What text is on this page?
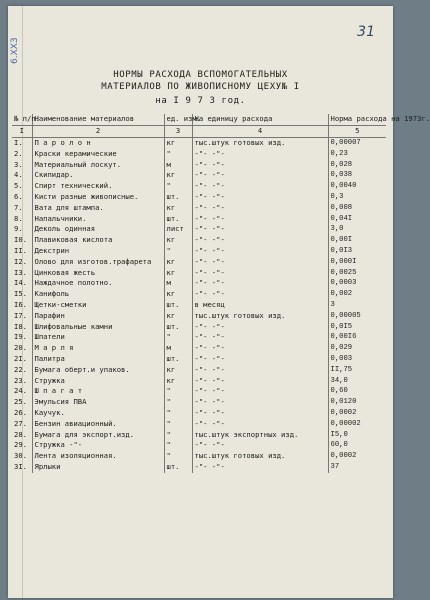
31
6.XX3
НОРМЫ РАСХОДА ВСПОМОГАТЕЛЬНЫХ
МАТЕРИАЛОВ ПО ЖИВОПИСНОМУ ЦЕХУ№ I
на I 9 7 3 год.
№ п/п:	Наименование материалов	ед. изм.	На единицу расхода	Норма расхода на 1973г.
I	2	3	4	5
I.	П а р о л о н	кг	тыс.штук готовых изд.	0,00007
2.	Краски керамические	"	-"- -"-	0,23
3.	Материальный лоскут.	м	-"- -"-	0,028
4.	Скипидар.	кг	-"- -"-	0,038
5.	Спирт технический.	"	-"- -"-	0,0040
6.	Кисти разные живописные.	шт.	-"- -"-	0,3
7.	Вата для штампа.	кг	-"- -"-	0,008
8.	Напальчники.	шт.	-"- -"-	0,04I
9.	Деколь одинная	лист	-"- -"-	3,0
I0.	Плавиковая кислота	кг	-"- -"-	0,00I
II.	Декстрин	"	-"- -"-	0,0I3
I2.	Олово для изготов.трафарета	кг	-"- -"-	0,000I
I3.	Цинковая жесть	кг	-"- -"-	0,0025
I4.	Наждачное полотно.	м	-"- -"-	0,0003
I5.	Канифоль	кг	-"- -"-	0,002
I6.	Щетки-сметки	шт.	в месяц	3
I7.	Парафин	кг	тыс.штук готовых изд.	0,00005
I8.	Шлифовальные камни	шт.	-"- -"-	0,0I5
I9.	Шпатели	"	-"- -"-	0,00I6
20.	М а р л я	м	-"- -"-	0,029
2I.	Палитра	шт.	-"- -"-	0,003
22.	Бумага оберт.и упаков.	кг	-"- -"-	II,75
23.	Стружка	кг	-"- -"-	34,0
24.	Ш п а г а т	"	-"- -"-	0,60
25.	Эмульсия ПВА	"	-"- -"-	0,0120
26.	Каучук.	"	-"- -"-	0,0002
27.	Бензин авиационный.	"	-"- -"-	0,00002
28.	Бумага для экспорт.изд.	"	тыс.штук экспортных изд.	I5,0
29.	Стружка -"-	"	-"- -"-	60,0
30.	Лента изоляционная.	"	тыс.штук готовых изд.	0,0002
3I.	Ярлыки	шт.	-"- -"-	37
